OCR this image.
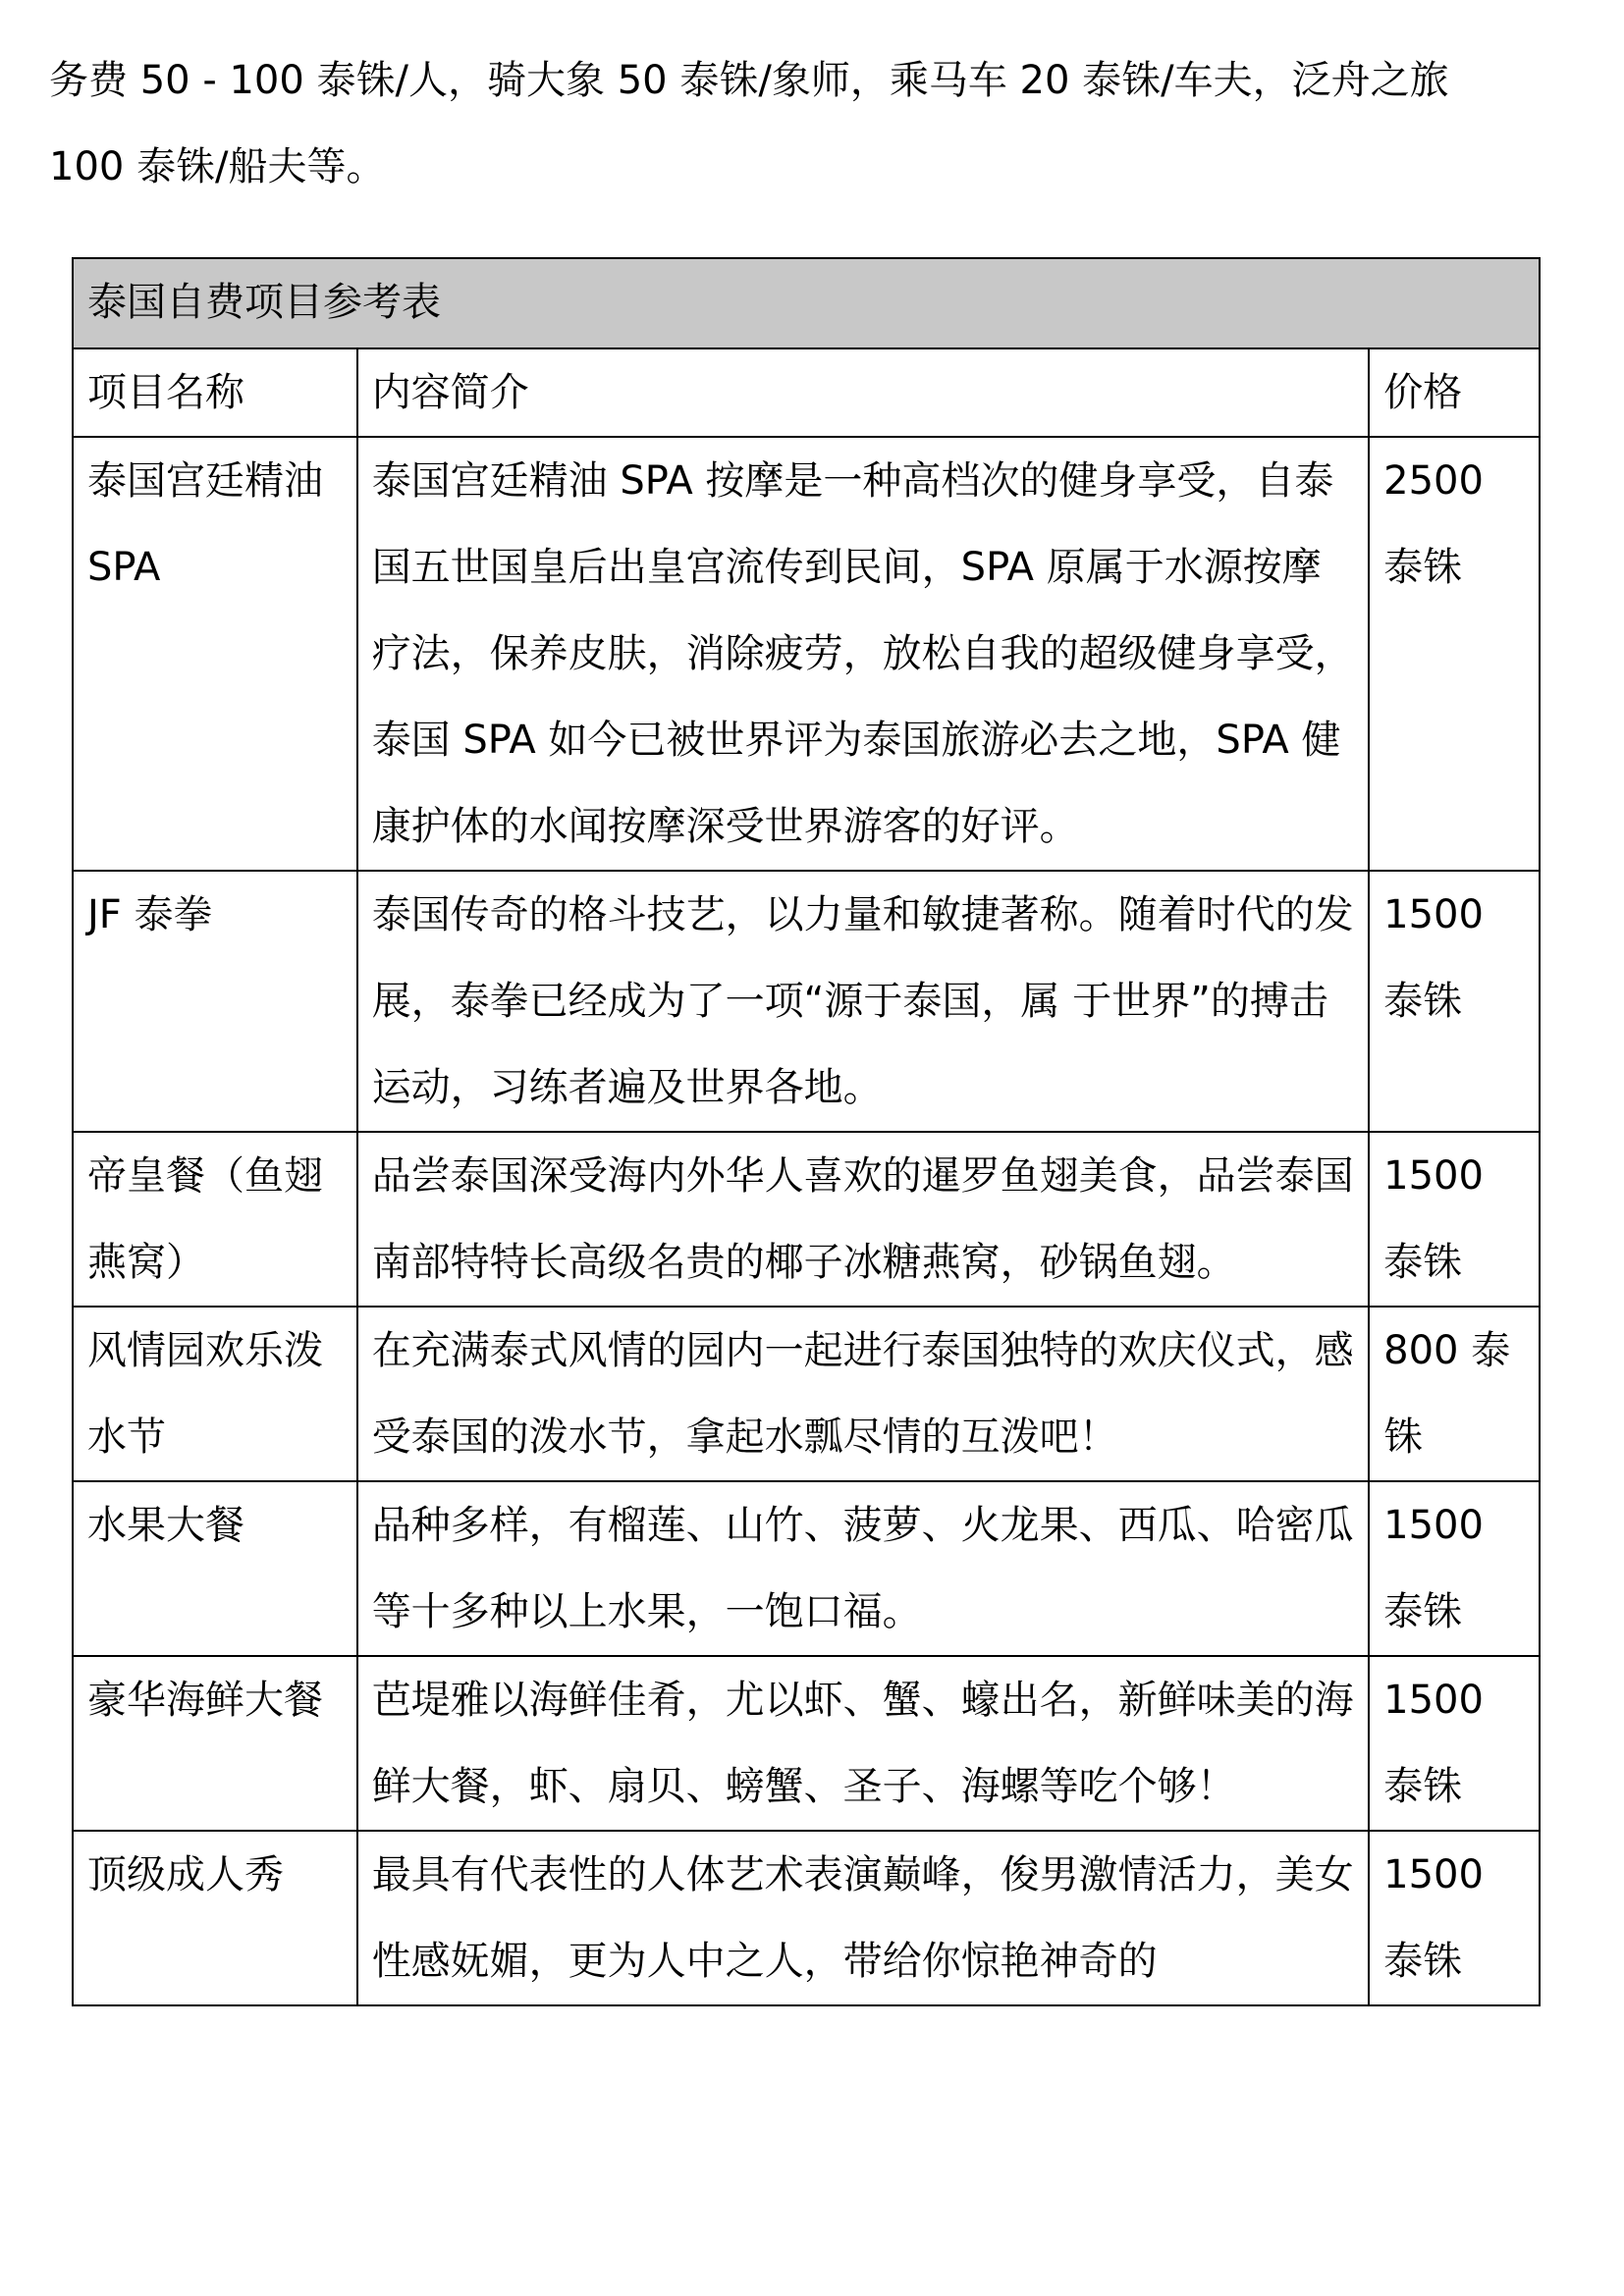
务费 50 - 100 泰铢/人，骑大象 50 泰铢/象师，乘马车 20 泰铢/车夫，泛舟之旅
100 泰铢/船夫等。
泰国自费项目参考表		
项目名称	内容简介	价格
泰国宫廷精油SPA	泰国宫廷精油 SPA 按摩是一种高档次的健身享受，自泰国五世国皇后出皇宫流传到民间，SPA 原属于水源按摩疗法，保养皮肤，消除疲劳，放松自我的超级健身享受，泰国 SPA 如今已被世界评为泰国旅游必去之地，SPA 健康护体的水闻按摩深受世界游客的好评。	2500 泰铢
JF 泰拳	泰国传奇的格斗技艺，以力量和敏捷著称。随着时代的发展，泰拳已经成为了一项“源于泰国，属 于世界”的搏击运动，习练者遍及世界各地。	1500 泰铢
帝皇餐（鱼翅燕窝）	品尝泰国深受海内外华人喜欢的暹罗鱼翅美食，品尝泰国南部特特长高级名贵的椰子冰糖燕窝，砂锅鱼翅。	1500 泰铢
风情园欢乐泼水节	在充满泰式风情的园内一起进行泰国独特的欢庆仪式，感受泰国的泼水节，拿起水瓢尽情的互泼吧！	800 泰铢
水果大餐	品种多样，有榴莲、山竹、菠萝、火龙果、西瓜、哈密瓜等十多种以上水果，一饱口福。	1500 泰铢
豪华海鲜大餐	芭堤雅以海鲜佳肴，尤以虾、蟹、蠔出名，新鲜味美的海鲜大餐，虾、扇贝、螃蟹、圣子、海螺等吃个够！	1500 泰铢
顶级成人秀	最具有代表性的人体艺术表演巅峰，俊男激情活力，美女性感妩媚，更为人中之人，带给你惊艳神奇的	1500 泰铢
